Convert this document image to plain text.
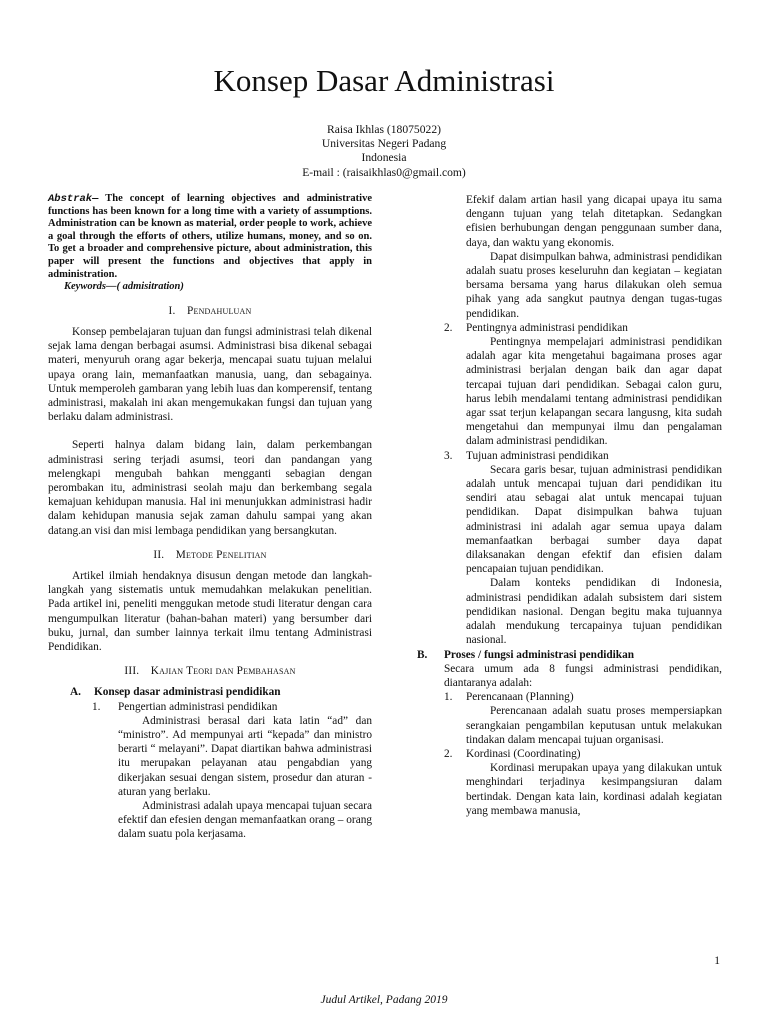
Konsep Dasar Administrasi
Raisa Ikhlas (18075022)
Universitas Negeri Padang
Indonesia
E-mail : (raisaikhlas0@gmail.com)

Abstrak— The concept of learning objectives and administrative functions has been known for a long time with a variety of assumptions. Administration can be known as material, order people to work, achieve a goal through the efforts of others, utilize humans, money, and so on. To get a broader and comprehensive picture, about administration, this paper will present the functions and objectives that apply in administration.

Keywords—( admisitration)

I. Pendahuluan

Konsep pembelajaran tujuan dan fungsi administrasi telah dikenal sejak lama dengan berbagai asumsi. Administrasi bisa dikenal sebagai materi, menyuruh orang agar bekerja, mencapai suatu tujuan melalui upaya orang lain, memanfaatkan manusia, uang, dan sebagainya. Untuk memperoleh gambaran yang lebih luas dan komperensif, tentang administrasi, makalah ini akan mengemukakan fungsi dan tujuan yang berlaku dalam administrasi.

Seperti halnya dalam bidang lain, dalam perkembangan administrasi sering terjadi asumsi, teori dan pandangan yang melengkapi mengubah bahkan mengganti sebagian dengan perombakan itu, administrasi seolah maju dan berkembang segala kemajuan kehidupan manusia. Hal ini menunjukkan administrasi hadir dalam kehidupan manusia sejak zaman dahulu sampai yang akan datang.an visi dan misi lembaga pendidikan yang bersangkutan.

II. Metode Penelitian

Artikel ilmiah hendaknya disusun dengan metode dan langkah-langkah yang sistematis untuk memudahkan melakukan penelitian. Pada artikel ini, peneliti menggukan metode studi literatur dengan cara mengumpulkan literatur (bahan-bahan materi) yang bersumber dari buku, jurnal, dan sumber lainnya terkait ilmu tentang Administrasi Pendidikan.

III. Kajian Teori dan Pembahasan
A.	Konsep dasar administrasi pendidikan
1. Pengertian administrasi pendidikan

Administrasi berasal dari kata latin “ad” dan “ministro”. Ad mempunyai arti “kepada” dan ministro berarti “ melayani”. Dapat diartikan bahwa administrasi itu merupakan pelayanan atau pengabdian yang dikerjakan sesuai dengan sistem, prosedur dan aturan - aturan yang berlaku.

Administrasi adalah upaya mencapai tujuan secara efektif dan efesien dengan memanfaatkan orang – orang dalam suatu pola kerjasama.

Efekif dalam artian hasil yang dicapai upaya itu sama dengann tujuan yang telah ditetapkan. Sedangkan efisien berhubungan dengan penggunaan sumber dana, daya, dan waktu yang ekonomis.

Dapat disimpulkan bahwa, administrasi pendidikan adalah suatu proses keseluruhn dan kegiatan – kegiatan bersama bersama yang harus dilakukan oleh semua pihak yang ada sangkut pautnya dengan tugas-tugas pendidikan.

2. Pentingnya administrasi pendidikan

Pentingnya mempelajari administrasi pendidikan adalah agar kita mengetahui bagaimana proses agar administrasi berjalan dengan baik dan agar dapat tercapai tujuan dari pendidikan. Sebagai calon guru, harus lebih mendalami tentang administrasi pendidikan agar ssat terjun kelapangan secara langusng, kita sudah mengetahui dan mempunyai ilmu dan pengalaman dalam administrasi pendidikan.

3. Tujuan administrasi pendidikan

Secara garis besar, tujuan administrasi pendidikan adalah untuk mencapai tujuan dari pendidikan itu sendiri atau sebagai alat untuk mencapai tujuan pendidikan. Dapat disimpulkan bahwa tujuan administrasi ini adalah agar semua upaya dalam memanfaatkan berbagai sumber daya dapat dilaksanakan dengan efektif dan efisien dalam pencapaian tujuan pendidikan.

Dalam konteks pendidikan di Indonesia, administrasi pendidikan adalah subsistem dari sistem pendidikan nasional. Dengan begitu maka tujuannya adalah mendukung tercapainya tujuan pendidikan nasional.

B. Proses / fungsi administrasi pendidikan

Secara umum ada 8 fungsi administrasi pendidikan, diantaranya adalah:

1. Perencanaan (Planning)

Perencanaan adalah suatu proses mempersiapkan serangkaian pengambilan keputusan untuk melakukan tindakan dalam mencapai tujuan organisasi.

2. Kordinasi (Coordinating)

Kordinasi merupakan upaya yang dilakukan untuk menghindari terjadinya kesimpangsiuran dalam bertindak. Dengan kata lain, kordinasi adalah kegiatan yang membawa manusia,

1
Judul Artikel, Padang 2019
